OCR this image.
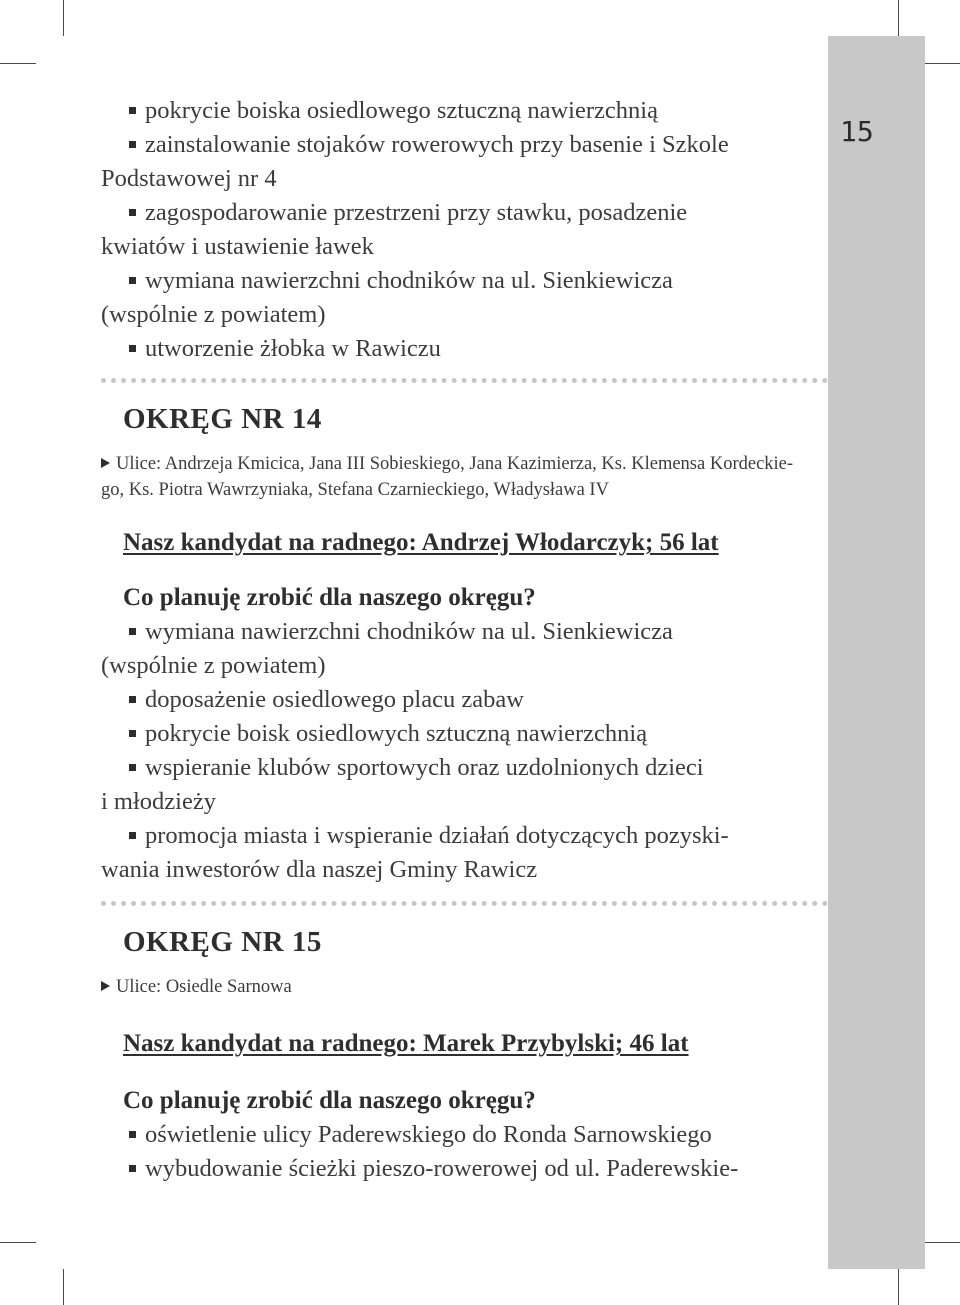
15
pokrycie boiska osiedlowego sztuczną nawierzchnią
zainstalowanie stojaków rowerowych przy basenie i Szkole
Podstawowej nr 4
zagospodarowanie przestrzeni przy stawku, posadzenie
kwiatów i ustawienie ławek
wymiana nawierzchni chodników na ul. Sienkiewicza
(wspólnie z powiatem)
utworzenie żłobka w Rawiczu
OKRĘG NR 14
Ulice: Andrzeja Kmicica, Jana III Sobieskiego, Jana Kazimierza, Ks. Klemensa Kordeckie-
go, Ks. Piotra Wawrzyniaka, Stefana Czarnieckiego, Władysława IV
Nasz kandydat na radnego: Andrzej Włodarczyk; 56 lat
Co planuję zrobić dla naszego okręgu?
wymiana nawierzchni chodników na ul. Sienkiewicza
(wspólnie z powiatem)
doposażenie osiedlowego placu zabaw
pokrycie boisk osiedlowych sztuczną nawierzchnią
wspieranie klubów sportowych oraz uzdolnionych dzieci
i młodzieży
promocja miasta i wspieranie działań dotyczących pozyski-
wania inwestorów dla naszej Gminy Rawicz
OKRĘG NR 15
Ulice: Osiedle Sarnowa
Nasz kandydat na radnego: Marek Przybylski; 46 lat
Co planuję zrobić dla naszego okręgu?
oświetlenie ulicy Paderewskiego do Ronda Sarnowskiego
wybudowanie ścieżki pieszo-rowerowej od ul. Paderewskie-
